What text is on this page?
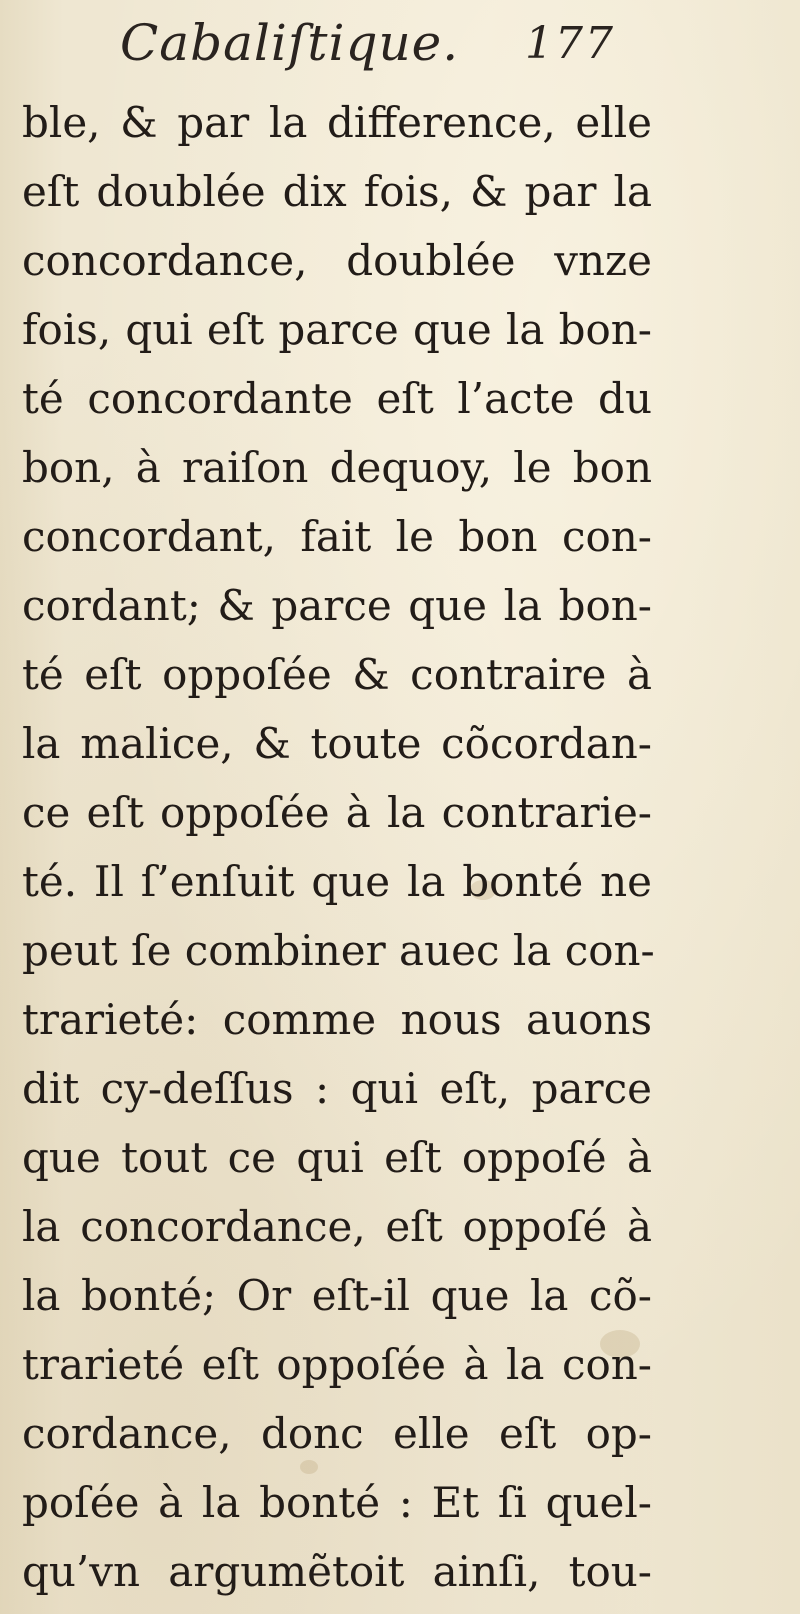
Cabaliſtique. 177
ble, & par la difference, elle
eſt doublée dix fois, & par la
concordance, doublée vnze
fois, qui eſt parce que la bon-
té concordante eſt l’acte du
bon, à raiſon dequoy, le bon
concordant, fait le bon con-
cordant; & parce que la bon-
té eſt oppoſée & contraire à
la malice, & toute cõcordan-
ce eſt oppoſée à la contrarie-
té. Il ſ’enſuit que la bonté ne
peut ſe combiner auec la con-
trarieté: comme nous auons
dit cy-deſſus : qui eſt, parce
que tout ce qui eſt oppoſé à
la concordance, eſt oppoſé à
la bonté; Or eſt-il que la cõ-
trarieté eſt oppoſée à la con-
cordance, donc elle eſt op-
poſée à la bonté : Et ſi quel-
qu’vn argumẽtoit ainſi, tou-
